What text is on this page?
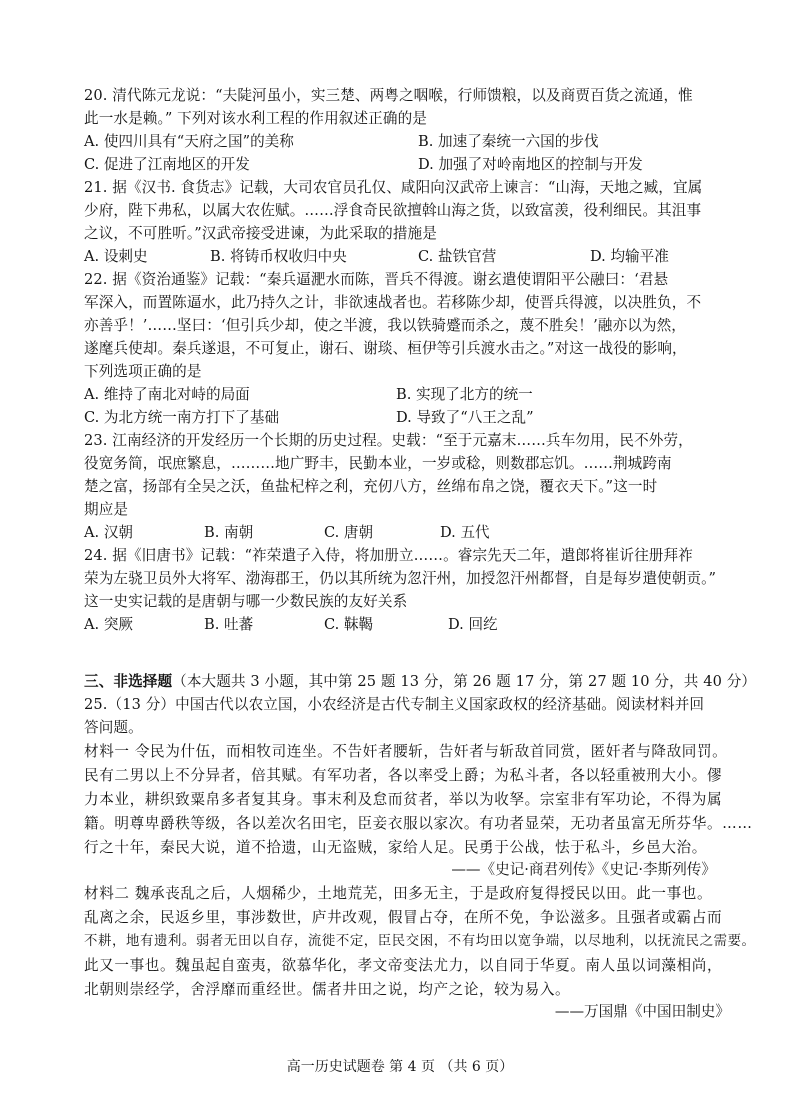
20. 清代陈元龙说：“夫陡河虽小，实三楚、两粤之咽喉，行师馈粮，以及商贾百货之流通，惟
此一水是赖。” 下列对该水利工程的作用叙述正确的是
A. 使四川具有“天府之国”的美称	B. 加速了秦统一六国的步伐
C. 促进了江南地区的开发	D. 加强了对岭南地区的控制与开发
21. 据《汉书. 食货志》记载，大司农官员孔仅、咸阳向汉武帝上谏言：“山海，天地之臧，宜属
少府，陛下弗私，以属大农佐赋。……浮食奇民欲擅斡山海之货，以致富羡，役利细民。其沮事
之议，不可胜听。”汉武帝接受进谏，为此采取的措施是
A. 设刺史	B. 将铸币权收归中央	C. 盐铁官营	D. 均输平准
22. 据《资治通鉴》记载：“秦兵逼淝水而陈，晋兵不得渡。谢玄遣使谓阳平公融曰：‘君悬
军深入，而置陈逼水，此乃持久之计，非欲速战者也。若移陈少却，使晋兵得渡，以决胜负，不
亦善乎！’……坚曰：‘但引兵少却，使之半渡，我以铁骑蹙而杀之，蔑不胜矣！’融亦以为然，
遂麾兵使却。秦兵遂退，不可复止，谢石、谢琰、桓伊等引兵渡水击之。”对这一战役的影响，
下列选项正确的是
A. 维持了南北对峙的局面	B. 实现了北方的统一
C. 为北方统一南方打下了基础	D. 导致了“八王之乱”
23. 江南经济的开发经历一个长期的历史过程。史载：“至于元嘉末……兵车勿用，民不外劳，
役宽务简，氓庶繁息，………地广野丰，民勤本业，一岁或稔，则数郡忘饥。……荆城跨南
楚之富，扬部有全吴之沃，鱼盐杞梓之利，充仞八方，丝绵布帛之饶，覆衣天下。”这一时
期应是
A. 汉朝	B. 南朝	C. 唐朝	D. 五代
24. 据《旧唐书》记载：“祚荣遣子入侍，将加册立……。睿宗先天二年，遣郎将崔䜣往册拜祚
荣为左骁卫员外大将军、渤海郡王，仍以其所统为忽汗州，加授忽汗州都督，自是每岁遣使朝贡。”
这一史实记载的是唐朝与哪一少数民族的友好关系
A. 突厥	B. 吐蕃	C. 靺鞨	D. 回纥
三、非选择题（本大题共 3 小题，其中第 25 题 13 分，第 26 题 17 分，第 27 题 10 分，共 40 分）
25.（13 分）中国古代以农立国，小农经济是古代专制主义国家政权的经济基础。阅读材料并回
答问题。
材料一 令民为什伍，而相牧司连坐。不告奸者腰斩，告奸者与斩敌首同赏，匿奸者与降敌同罚。
民有二男以上不分异者，倍其赋。有军功者，各以率受上爵；为私斗者，各以轻重被刑大小。僇
力本业，耕织致粟帛多者复其身。事末利及怠而贫者，举以为收孥。宗室非有军功论，不得为属
籍。明尊卑爵秩等级，各以差次名田宅，臣妾衣服以家次。有功者显荣，无功者虽富无所芬华。……
行之十年，秦民大说，道不拾遗，山无盗贼，家给人足。民勇于公战，怯于私斗，乡邑大治。
——《史记·商君列传》《史记·李斯列传》
材料二 魏承丧乱之后，人烟稀少，土地荒芜，田多无主，于是政府复得授民以田。此一事也。
乱离之余，民返乡里，事涉数世，庐井改观，假冒占夺，在所不免，争讼滋多。且强者或霸占而
不耕，地有遗利。弱者无田以自存，流徙不定，臣民交困，不有均田以宽争端，以尽地利，以抚流民之需要。
此又一事也。魏虽起自蛮夷，欲慕华化，孝文帝变法尤力，以自同于华夏。南人虽以词藻相尚，
北朝则崇经学，舍浮靡而重经世。儒者井田之说，均产之论，较为易入。
——万国鼎《中国田制史》
高一历史试题卷 第 4 页 （共 6 页）
